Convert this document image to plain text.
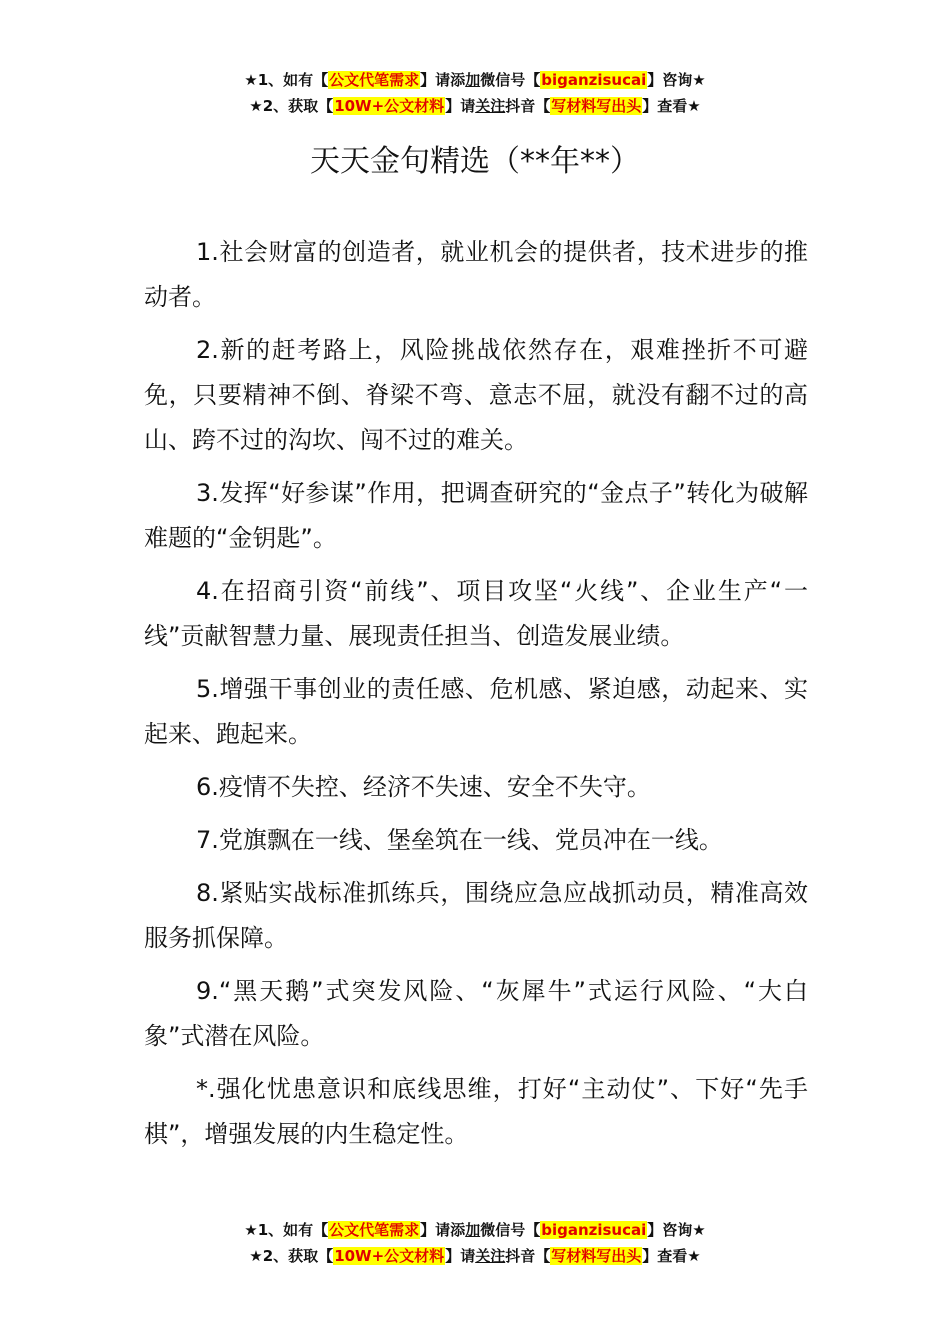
★1、如有【公文代笔需求】请添加微信号【biganzisucai】咨询★
★2、获取【10W+公文材料】请关注抖音【写材料写出头】查看★
天天金句精选（**年**）

1.社会财富的创造者，就业机会的提供者，技术进步的推动者。

2.新的赶考路上，风险挑战依然存在，艰难挫折不可避免，只要精神不倒、脊梁不弯、意志不屈，就没有翻不过的高山、跨不过的沟坎、闯不过的难关。

3.发挥“好参谋”作用，把调查研究的“金点子”转化为破解难题的“金钥匙”。

4.在招商引资“前线”、项目攻坚“火线”、企业生产“一线”贡献智慧力量、展现责任担当、创造发展业绩。

5.增强干事创业的责任感、危机感、紧迫感，动起来、实起来、跑起来。

6.疫情不失控、经济不失速、安全不失守。

7.党旗飘在一线、堡垒筑在一线、党员冲在一线。

8.紧贴实战标准抓练兵，围绕应急应战抓动员，精准高效服务抓保障。

9.“黑天鹅”式突发风险、“灰犀牛”式运行风险、“大白象”式潜在风险。

*.强化忧患意识和底线思维，打好“主动仗”、下好“先手棋”，增强发展的内生稳定性。

★1、如有【公文代笔需求】请添加微信号【biganzisucai】咨询★
★2、获取【10W+公文材料】请关注抖音【写材料写出头】查看★
